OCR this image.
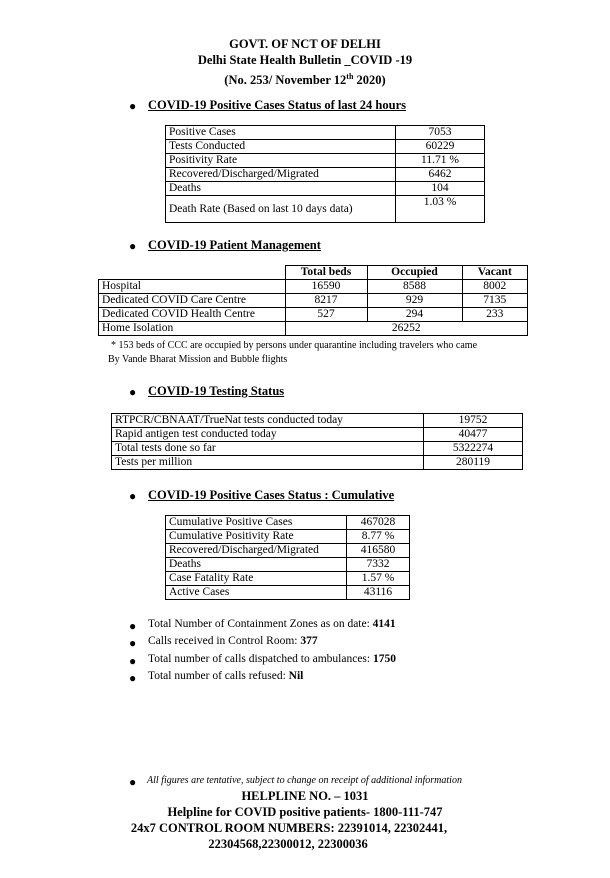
GOVT. OF NCT OF DELHI
Delhi State Health Bulletin _COVID -19
(No. 253/ November 12th 2020)
● COVID-19 Positive Cases Status of last 24 hours
Positive Cases	7053
Tests Conducted	60229
Positivity Rate	11.71 %
Recovered/Discharged/Migrated	6462
Deaths	104
Death Rate (Based on last 10 days data)	1.03 %
● COVID-19 Patient Management
	Total beds	Occupied	Vacant
Hospital	16590	8588	8002
Dedicated COVID Care Centre	8217	929	7135
Dedicated COVID Health Centre	527	294	233
Home Isolation	26252		
* 153 beds of CCC are occupied by persons under quarantine including travelers who came
By Vande Bharat Mission and Bubble flights
● COVID-19 Testing Status
RTPCR/CBNAAT/TrueNat tests conducted today	19752
Rapid antigen test conducted today	40477
Total tests done so far	5322274
Tests per million	280119
● COVID-19 Positive Cases Status : Cumulative
Cumulative Positive Cases	467028
Cumulative Positivity Rate	8.77 %
Recovered/Discharged/Migrated	416580
Deaths	7332
Case Fatality Rate	1.57 %
Active Cases	43116
● Total Number of Containment Zones as on date: 4141
● Calls received in Control Room: 377
● Total number of calls dispatched to ambulances: 1750
● Total number of calls refused: Nil
● All figures are tentative, subject to change on receipt of additional information
HELPLINE NO. – 1031
Helpline for COVID positive patients- 1800-111-747
24x7 CONTROL ROOM NUMBERS: 22391014, 22302441,
22304568,22300012, 22300036
